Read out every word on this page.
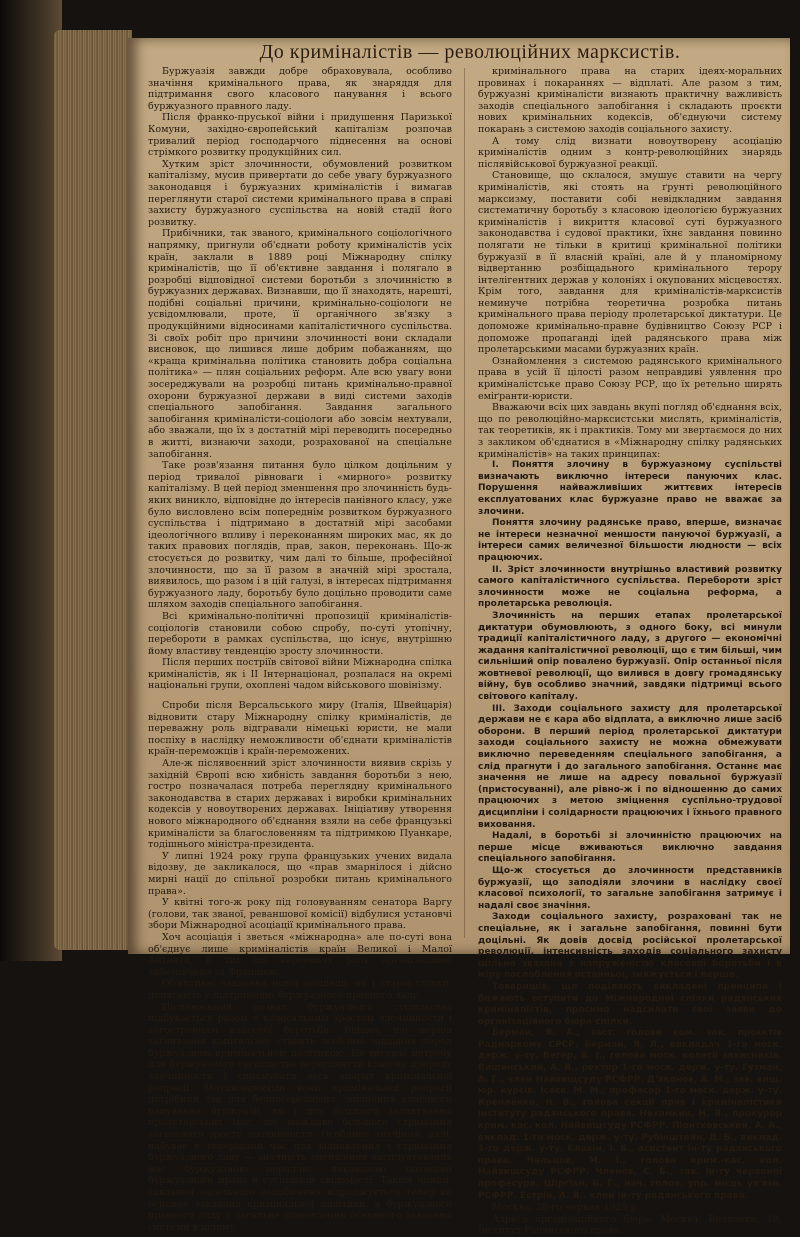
До криміналістів — революційних марксистів.

Буржуазія завжди добре обраховувала, особливо значіння кримінального права, як знаряддя для підтримання свого класового панування і всього буржуазного правного ладу.

Після франко-пруської війни і придушення Паризької Комуни, західно-європейський капіталізм розпочав тривалий період господарчого піднесення на основі стрімкого розвитку продукційних сил.

Хутким зріст злочинности, обумовлений розвитком капіталізму, мусив привертати до себе увагу буржуазного законодавця і буржуазних криміналістів і вимагав переглянути старої системи кримінального права в справі захисту буржуазного суспільства на новій стадії його розвитку.

Прибічники, так званого, кримінального соціологічного напрямку, пригнули об'єднати роботу криміналістів усіх країн, заклали в 1889 році Міжнародну спілку криміналістів, що її об'єктивне завдання і полягало в розробці відповідної системи боротьби з злочинністю в буржуазних державах. Визнавши, що її знаходять, нарешті, подібні соціальні причини, кримінально-соціологи не усвідомлювали, проте, її органічного зв'язку з продукційними відносинами капіталістичного суспільства. Зі своїх робіт про причини злочинності вони складали висновок, що лишився лише добрим побажанням, що «краща кримінальна політика становить добра соціальна політика» — плян соціальних реформ. Але всю увагу вони зосереджували на розробці питань кримінально-правної охорони буржуазної держави в виді системи заходів спеціального запобігання. Завдання загального запобігання криміналісти-соціологи або зовсім нехтували, або зважали, що їх з достатній мірі переводить посередньо в житті, визнаючи заходи, розрахованої на спеціальне запобігання.

Таке розв'язання питання було цілком доцільним у період тривалої рівноваги і «мирного» розвитку капіталізму. В цей період зменшення про злочинність будь-яких виникло, відповідне до інтересів панівного класу, уже було висловлено всім попереднім розвитком буржуазного суспільства і підтримано в достатній мірі засобами ідеологічного впливу і переконанням широких мас, як до таких правових поглядів, прав, закон, переконань. Що-ж стосується до розвитку, чим далі то більше, професійної злочинности, що за її разом в значній мірі зростала, виявилось, що разом і в цій галузі, в інтересах підтримання буржуазного ладу, боротьбу було доцільно проводити саме шляхом заходів спеціального запобігання.

Всі кримінально-політичні пропозиції криміналістів-соціологів становили собою спробу, по-суті утопічну, перебороти в рамках суспільства, що існує, внутрішню йому властиву тенденцію зросту злочинности.

Після перших постріїв світової війни Міжнародна спілка криміналістів, як і II Інтернаціонал, розпалася на окремі національні групи, охоплені чадом військового шовінізму.

Спроби після Версальського миру (Італія, Швейцарія) відновити стару Міжнародну спілку криміналістів, де переважну роль відгравали німецькі юристи, не мали поспіху в наслідку неможливости об'єднати криміналістів країн-переможців і країн-переможених.

Але-ж післявоєнний зріст злочинности виявив скрізь у західній Європі всю хибність завдання боротьби з нею, гостро позначалася потреба переглядну кримінального законодавства в старих державах і виробки кримінальних кодексів у новоутворених державах. Ініціативу утворення нового міжнародного об'єднання взяли на себе французькі криміналісти за благословенням та підтримкою Пуанкаре, тодішнього міністра-президента.

У липні 1924 року група французьких учених видала відозву, де закликалося, що «прав змарнілося і дійсно мирні нації до спільної розробки питань кримінального права».

У квітні того-ж року під головуванням сенатора Варгу (голови, так званої, реваншової комісії) відбулися установчі збори Міжнародної асоціації кримінального права.

Хоч асоціація і зветься «міжнародна» але по-суті вона об'єднує лише криміналістів країн Великої і Малої Антанти, в тім що керовничу роль організаційно забезпечено за Францією.

Об'єктивні завдання нової асоціації, як і старої спілки, полягають у підтриманні буржуазного правного ладу.

Післявоєнний розвал буржуазного суспільства підбувається разом з колосальним зростом злочинности і загостренням класової боротьби. Відомо, що період загнивання капіталізму ставить особливі завдання перед буржуазною кримінальною політикою. Це висуває потребу для буржуазного суспільства переглянути класову природу злочинности і спрямувати весь апарат кримінальної репресії. Мотивованнями вони кримінальної репресії потрібний так для безпосереднього зміцнення класового панування буржуазії, як і для більшого залякування пролетарських мас, що можливо більшого стримання загального зросту злочинности. Особливо значіння, далі, набуває в теперішній час для відновлення і утримання буржуазного ладу — значність зменшення експлуатованих мас буржуазною мораллю, викованою законами буржуазного права в суспільній свідомості. Таким чином, завдання загального запобігання відроджується тепер як основне завдання кримінальної політики, а буржуазного правного ладу є загальне відновлення основного завдання системи в цілому.

кримінального права на старих ідеях-моральних провинах і покараннях — відплаті. Але разом з тим, буржуазні криміналісти визнають практичну важливість заходів спеціального запобігання і складають проєкти нових кримінальних кодексів, об'єднуючи систему покарань з системою заходів соціального захисту.

А тому слід визнати новоутворену асоціацію криміналістів одним з контр-революційних знарядь післявійськової буржуазної реакції.

Становище, що склалося, змушує ставити на чергу криміналістів, які стоять на ґрунті революційного марксизму, поставити собі невідкладним завдання систематичну боротьбу з класовою ідеологією буржуазних криміналістів і викриття класової суті буржуазного законодавства і судової практики, їхнє завдання повинно полягати не тільки в критиці кримінальної політики буржуазії в її власній країні, але й у планомірному відвертанню розбіщадьного кримінального терору інтелігентних держав у колоніях і окупованих місцевостях. Крім того, завдання для криміналістів-марксистів неминуче потрібна теоретична розробка питань кримінального права періоду пролетарської диктатури. Це допоможе кримінально-правне будівництво Союзу РСР і допоможе пропаганді ідей радянського права між пролетарськими масами буржуазних країн.

Ознайомлення з системою радянського кримінального права в усій її цілості разом неправдиві уявлення про криміналістське право Союзу РСР, що їх ретельно ширять еміґранти-юристи.

Вважаючи всіх цих завдань вкупі погляд об'єднання всіх, що по революційно-марксистськи мислять, криміналістів, так теоретиків, як і практиків. Тому ми звертаємося до них з закликом об'єднатися в «Міжнародну спілку радянських криміналістів» на таких принципах:

I. Поняття злочину в буржуазному суспільстві визначають виключно інтереси пануючих клас. Порушення найважливіших життєвих інтересів експлуатованих клас буржуазне право не вважає за злочини.

Поняття злочину радянське право, впершe, визначає не інтереси незначної меншости пануючої буржуазії, а інтереси самих величезної більшости людности — всіх працюючих.

II. Зріст злочинности внутрішньо властивий розвитку самого капіталістичного суспільства. Перебороти зріст злочинности може не соціальна реформа, а пролетарська революція.

Злочинність на перших етапах пролетарської диктатури обумовлюють, з одного боку, всі минули традиції капіталістичного ладу, з другого — економічні жадання капіталістичної революції, що є тим більші, чим сильніший опір повалено буржуазії. Опір останньої після жовтневої революції, що вилився в довгу громадянську війну, був особливо значний, завдяки підтримці всього світового капіталу.

III. Заходи соціального захисту для пролетарської держави не є кара або відплата, а виключно лише засіб оборони. В перший період пролетарської диктатури заходи соціального захисту не можна обмежувати виключно переведенням спеціального запобігання, а слід прагнути і до загального запобігання. Останнє має значення не лише на адресу повальної буржуазії (пристосуванні), але рівно-ж і по відношенню до самих працюючих з метою зміцнення суспільно-трудової дисципліни і солідарности працюючих і їхнього правного виховання.

Надалі, в боротьбі зі злочинністю працюючих на перше місце вживаються виключно завдання спеціального запобігання.

Що-ж стосується до злочинности представників буржуазії, що заподіяли злочини в наслідку своєї класової психології, то загальне запобігання затримує і надалі своє значіння.

Заходи соціального захисту, розраховані так не спеціальне, як і загальне запобігання, повинні бути доцільні. Як довів досвід російської пролетарської революції, інтенсивність заходів соціального захисту щільно звязана з напруженістю класової боротьби і в міру послаблення останньої, знижується і перша.

Товаришів, що поділяють викладені принципи і бажають вступити до Міжнародної спілки радянських криміналістів, просимо надсилати свої заяви до організаційного бюра спілки.

Берман, Я. А., заст. голови ком. зак. проєктів Раднаркому СРСР. Берман, Я. Л., викладач 1-го моск. держ. у-ту. Вегер, В. І., голова моск. колегії захисників. Вишинський, А. Я., ректор 1-го моск. держ. у-ту. Гузман, А. Г., член Найвищсуду РСФРР. Д'яконов, А. М., зав. вищ. юр. курсів. Ісаєв, М. М., професор 1-го моск. держ. у-ту. Крепленко, Н. В., голова секції прав і криміналістики інституту радянського права. Нехамкин, Н. Я., прокурор крим. кас. кол. Найвищсуду РСФРР. Піонтковський, А. А., виклад. 1-го моск. держ. у-ту. Рубінштейн, Д. Б., виклад. 1-го держ. у-ту. Славін, І. Б., асистент ін-ту радянського права. Чельцов, М. І., голова крим.-кас. кол. Найвищсуду РСФРР. Членов, С. Б., зав. ін-ту червоної професури. Шіргіан, Б. Г., нач. голов. упр. місць ув'язн. РСФРР. Естрін, А. Я., член ін-ту радянського права.

Москва, 28-го червня 1925 р.

Адреса організаційного бюра: Москва, Волхонка, 18, Інститут Радянського права.
